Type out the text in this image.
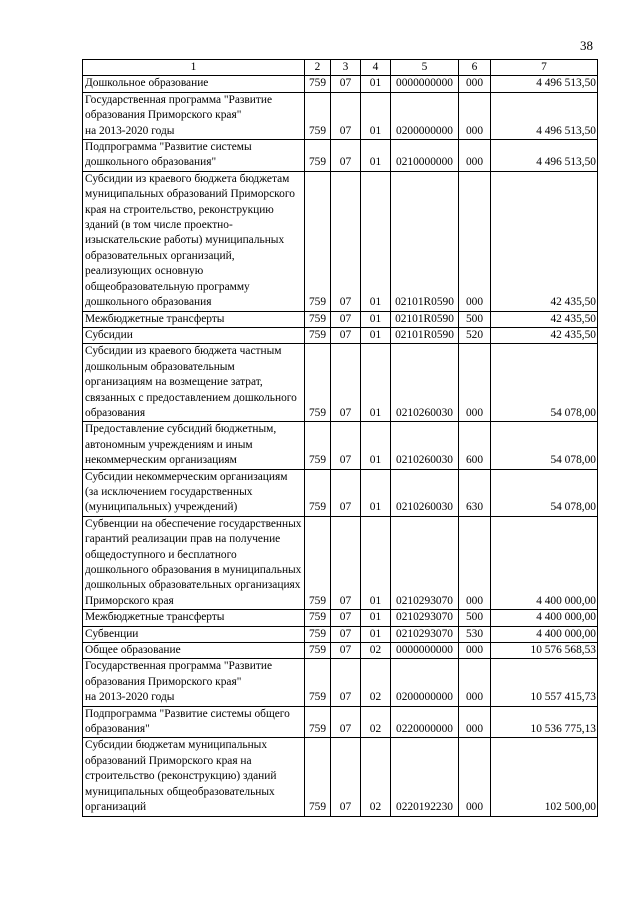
38
1	2	3	4	5	6	7
Дошкольное образование	759	07	01	0000000000	000	4 496 513,50
Государственная программа "Развитие образования Приморского края"
на 2013-2020 годы	759	07	01	0200000000	000	4 496 513,50
Подпрограмма "Развитие системы дошкольного образования"	759	07	01	0210000000	000	4 496 513,50
Субсидии из краевого бюджета бюджетам муниципальных образований Приморского края на строительство, реконструкцию зданий (в том числе проектно-изыскательские работы) муниципальных образовательных организаций, реализующих основную общеобразовательную программу дошкольного образования	759	07	01	02101R0590	000	42 435,50
Межбюджетные трансферты	759	07	01	02101R0590	500	42 435,50
Субсидии	759	07	01	02101R0590	520	42 435,50
Субсидии из краевого бюджета частным дошкольным образовательным организациям на возмещение затрат, связанных с предоставлением дошкольного образования	759	07	01	0210260030	000	54 078,00
Предоставление субсидий бюджетным, автономным учреждениям и иным некоммерческим организациям	759	07	01	0210260030	600	54 078,00
Субсидии некоммерческим организациям (за исключением государственных (муниципальных) учреждений)	759	07	01	0210260030	630	54 078,00
Субвенции на обеспечение государственных гарантий реализации прав на получение общедоступного и бесплатного дошкольного образования в муниципальных дошкольных образовательных организациях Приморского края	759	07	01	0210293070	000	4 400 000,00
Межбюджетные трансферты	759	07	01	0210293070	500	4 400 000,00
Субвенции	759	07	01	0210293070	530	4 400 000,00
Общее образование	759	07	02	0000000000	000	10 576 568,53
Государственная программа "Развитие образования Приморского края"
на 2013-2020 годы	759	07	02	0200000000	000	10 557 415,73
Подпрограмма "Развитие системы общего образования"	759	07	02	0220000000	000	10 536 775,13
Субсидии бюджетам муниципальных образований Приморского края на строительство (реконструкцию) зданий муниципальных общеобразовательных организаций	759	07	02	0220192230	000	102 500,00
